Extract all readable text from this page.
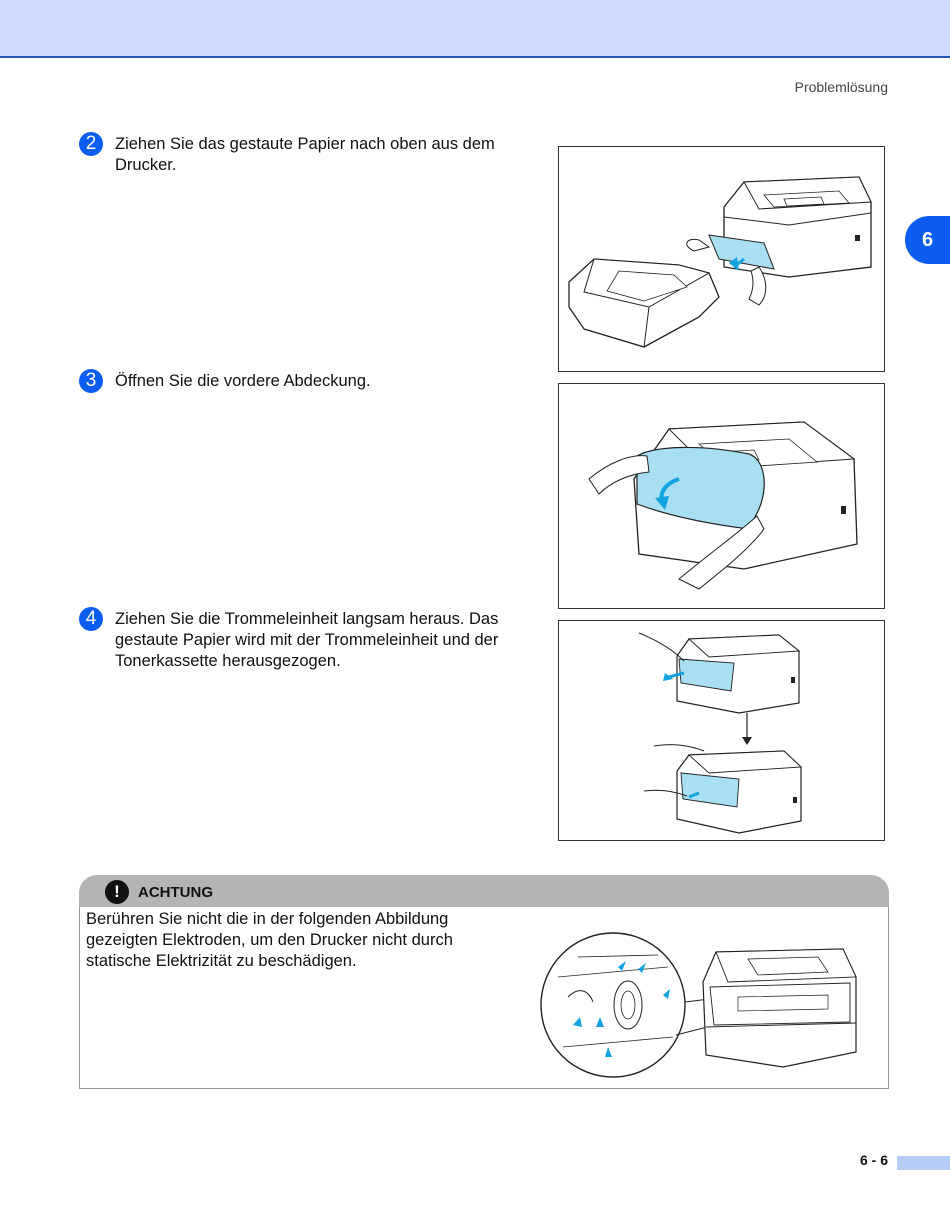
Problemlösung
6
2	Ziehen Sie das gestaute Papier nach oben aus dem Drucker.
3	Öffnen Sie die vordere Abdeckung.
4	Ziehen Sie die Trommeleinheit langsam heraus. Das gestaute Papier wird mit der Trommeleinheit und der Tonerkassette herausgezogen.
!	ACHTUNG
Berühren Sie nicht die in der folgenden Abbildung gezeigten Elektroden, um den Drucker nicht durch statische Elektrizität zu beschädigen.
6 - 6
